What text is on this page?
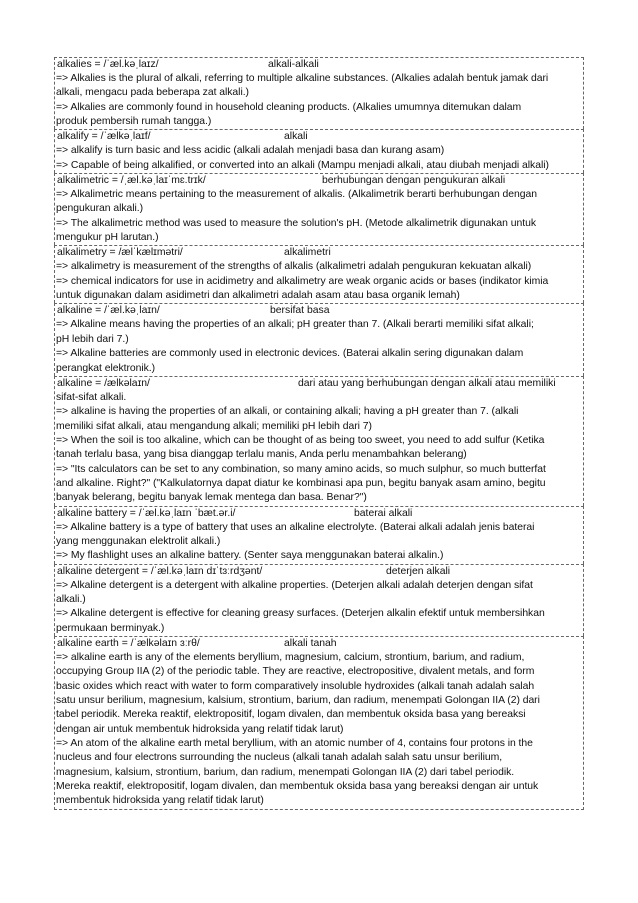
alkalies = /ˈæl.kəˌlaɪz/	alkali-alkali
=> Alkalies is the plural of alkali, referring to multiple alkaline substances. (Alkalies adalah bentuk jamak dari
alkali, mengacu pada beberapa zat alkali.)
=> Alkalies are commonly found in household cleaning products. (Alkalies umumnya ditemukan dalam
produk pembersih rumah tangga.)
alkalify = /ˈælkəˌlaɪf/	alkali
=> alkalify is turn basic and less acidic (alkali adalah menjadi basa dan kurang asam)
=> Capable of being alkalified, or converted into an alkali (Mampu menjadi alkali, atau diubah menjadi alkali)
alkalimetric = /ˌæl.kəˌlaɪˈmɛ.trɪk/	berhubungan dengan pengukuran alkali
=> Alkalimetric means pertaining to the measurement of alkalis. (Alkalimetrik berarti berhubungan dengan
pengukuran alkali.)
=> The alkalimetric method was used to measure the solution's pH. (Metode alkalimetrik digunakan untuk
mengukur pH larutan.)
alkalimetry = /ælˈkælɪmətri/	alkalimetri
=> alkalimetry is measurement of the strengths of alkalis (alkalimetri adalah pengukuran kekuatan alkali)
=> chemical indicators for use in acidimetry and alkalimetry are weak organic acids or bases (indikator kimia
untuk digunakan dalam asidimetri dan alkalimetri adalah asam atau basa organik lemah)
alkaline = /ˈæl.kəˌlaɪn/	bersifat basa
=> Alkaline means having the properties of an alkali; pH greater than 7. (Alkali berarti memiliki sifat alkali;
pH lebih dari 7.)
=> Alkaline batteries are commonly used in electronic devices. (Baterai alkalin sering digunakan dalam
perangkat elektronik.)
alkaline = /ælkəlaɪn/	dari atau yang berhubungan dengan alkali atau memiliki
sifat-sifat alkali.
=> alkaline is having the properties of an alkali, or containing alkali; having a pH greater than 7. (alkali
memiliki sifat alkali, atau mengandung alkali; memiliki pH lebih dari 7)
=> When the soil is too alkaline, which can be thought of as being too sweet, you need to add sulfur (Ketika
tanah terlalu basa, yang bisa dianggap terlalu manis, Anda perlu menambahkan belerang)
=> "Its calculators can be set to any combination, so many amino acids, so much sulphur, so much butterfat
and alkaline. Right?" ("Kalkulatornya dapat diatur ke kombinasi apa pun, begitu banyak asam amino, begitu
banyak belerang, begitu banyak lemak mentega dan basa. Benar?")
alkaline battery = /ˈæl.kəˌlaɪn ˈbæt.ər.i/	baterai alkali
=> Alkaline battery is a type of battery that uses an alkaline electrolyte. (Baterai alkali adalah jenis baterai
yang menggunakan elektrolit alkali.)
=> My flashlight uses an alkaline battery. (Senter saya menggunakan baterai alkalin.)
alkaline detergent = /ˈæl.kəˌlaɪn dɪˈtɜːrdʒənt/	deterjen alkali
=> Alkaline detergent is a detergent with alkaline properties. (Deterjen alkali adalah deterjen dengan sifat
alkali.)
=> Alkaline detergent is effective for cleaning greasy surfaces. (Deterjen alkalin efektif untuk membersihkan
permukaan berminyak.)
alkaline earth = /ˈælkəlaɪn ɜːrθ/	alkali tanah
=> alkaline earth is any of the elements beryllium, magnesium, calcium, strontium, barium, and radium,
occupying Group IIA (2) of the periodic table. They are reactive, electropositive, divalent metals, and form
basic oxides which react with water to form comparatively insoluble hydroxides (alkali tanah adalah salah
satu unsur berilium, magnesium, kalsium, strontium, barium, dan radium, menempati Golongan IIA (2) dari
tabel periodik. Mereka reaktif, elektropositif, logam divalen, dan membentuk oksida basa yang bereaksi
dengan air untuk membentuk hidroksida yang relatif tidak larut)
=> An atom of the alkaline earth metal beryllium, with an atomic number of 4, contains four protons in the
nucleus and four electrons surrounding the nucleus (alkali tanah adalah salah satu unsur berilium,
magnesium, kalsium, strontium, barium, dan radium, menempati Golongan IIA (2) dari tabel periodik.
Mereka reaktif, elektropositif, logam divalen, dan membentuk oksida basa yang bereaksi dengan air untuk
membentuk hidroksida yang relatif tidak larut)
